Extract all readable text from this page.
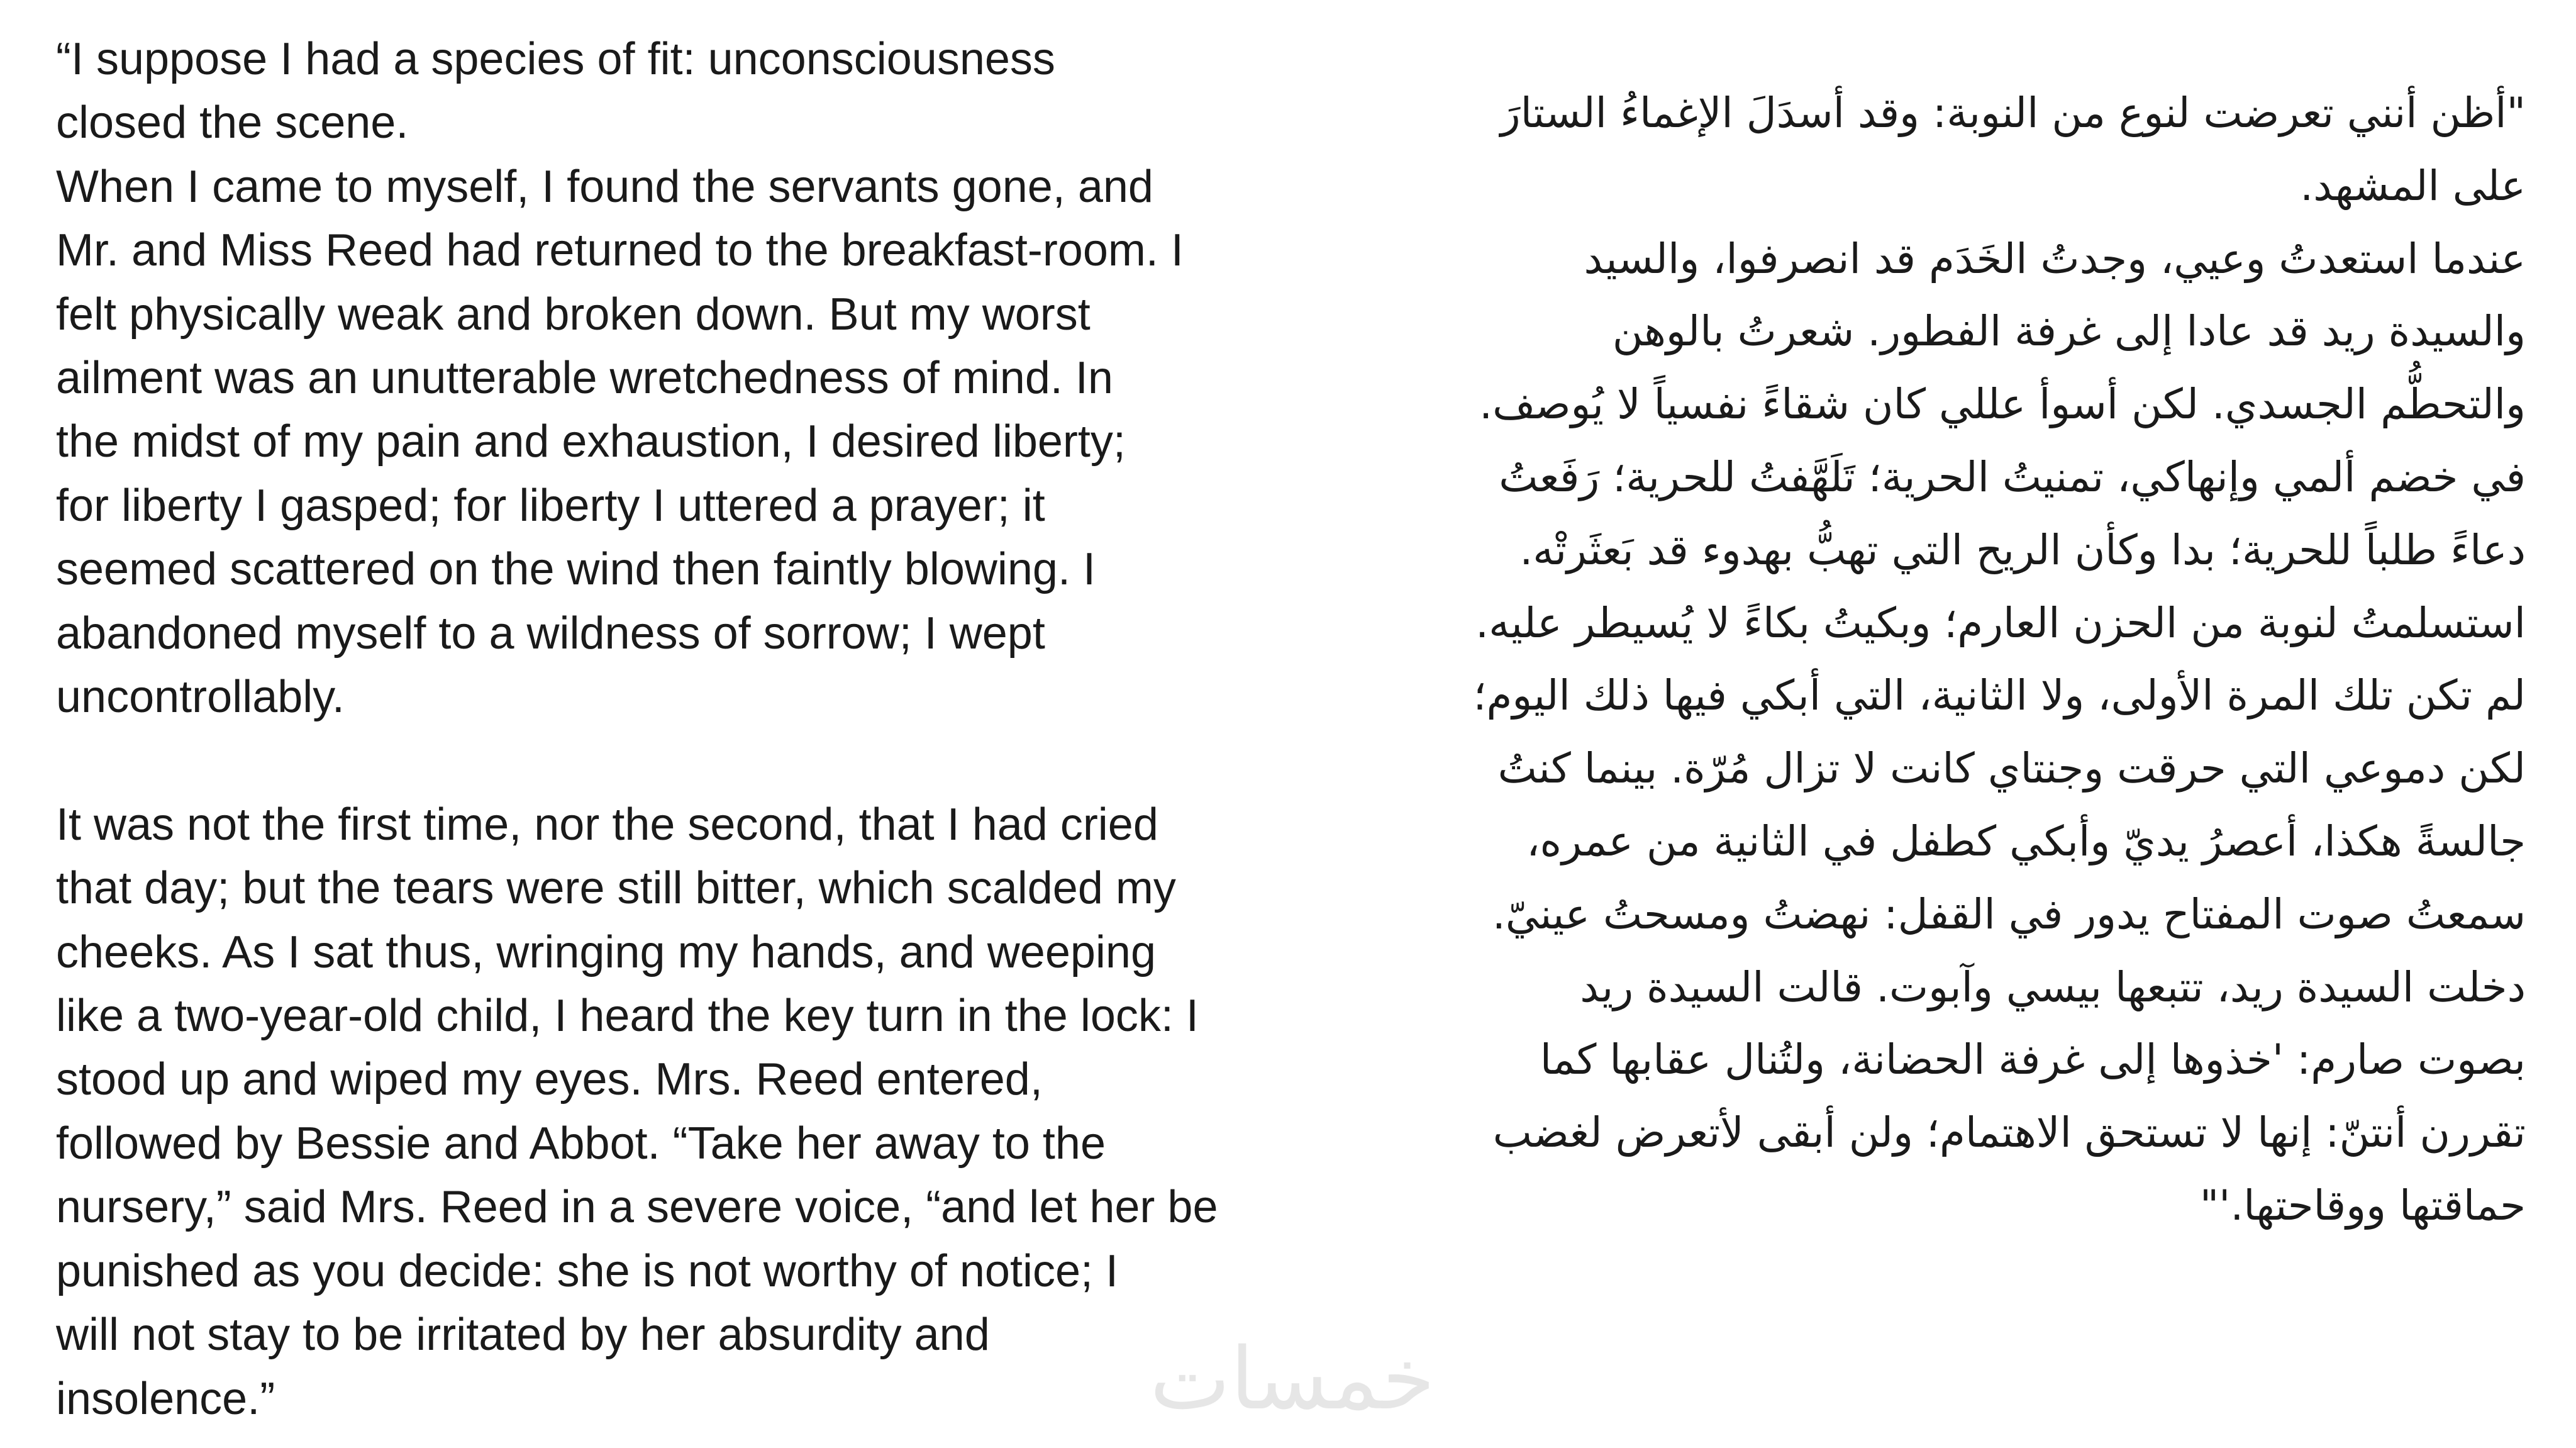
“I suppose I had a species of fit: unconsciousness

closed the scene.

When I came to myself, I found the servants gone, and

Mr. and Miss Reed had returned to the breakfast-room. I

felt physically weak and broken down. But my worst

ailment was an unutterable wretchedness of mind. In

the midst of my pain and exhaustion, I desired liberty;

for liberty I gasped; for liberty I uttered a prayer; it

seemed scattered on the wind then faintly blowing. I

abandoned myself to a wildness of sorrow; I wept

uncontrollably.

It was not the first time, nor the second, that I had cried

that day; but the tears were still bitter, which scalded my

cheeks. As I sat thus, wringing my hands, and weeping

like a two-year-old child, I heard the key turn in the lock: I

stood up and wiped my eyes. Mrs. Reed entered,

followed by Bessie and Abbot. “Take her away to the

nursery,” said Mrs. Reed in a severe voice, “and let her be

punished as you decide: she is not worthy of notice; I

will not stay to be irritated by her absurdity and

insolence.”

"أظن أنني تعرضت لنوع من النوبة: وقد أسدَلَ الإغماءُ الستارَ

على المشهد.

عندما استعدتُ وعيي، وجدتُ الخَدَم قد انصرفوا، والسيد

والسيدة ريد قد عادا إلى غرفة الفطور. شعرتُ بالوهن

والتحطُّم الجسدي. لكن أسوأ عللي كان شقاءً نفسياً لا يُوصف.

في خضم ألمي وإنهاكي، تمنيتُ الحرية؛ تَلَهَّفتُ للحرية؛ رَفَعتُ

دعاءً طلباً للحرية؛ بدا وكأن الريح التي تهبُّ بهدوء قد بَعثَرتْه.

استسلمتُ لنوبة من الحزن العارم؛ وبكيتُ بكاءً لا يُسيطر عليه.

لم تكن تلك المرة الأولى، ولا الثانية، التي أبكي فيها ذلك اليوم؛

لكن دموعي التي حرقت وجنتاي كانت لا تزال مُرّة. بينما كنتُ

جالسةً هكذا، أعصرُ يديّ وأبكي كطفل في الثانية من عمره،

سمعتُ صوت المفتاح يدور في القفل: نهضتُ ومسحتُ عينيّ.

دخلت السيدة ريد، تتبعها بيسي وآبوت. قالت السيدة ريد

بصوت صارم: 'خذوها إلى غرفة الحضانة، ولتُنال عقابها كما

تقررن أنتنّ: إنها لا تستحق الاهتمام؛ ولن أبقى لأتعرض لغضب

حماقتها ووقاحتها.'"

خمسات
